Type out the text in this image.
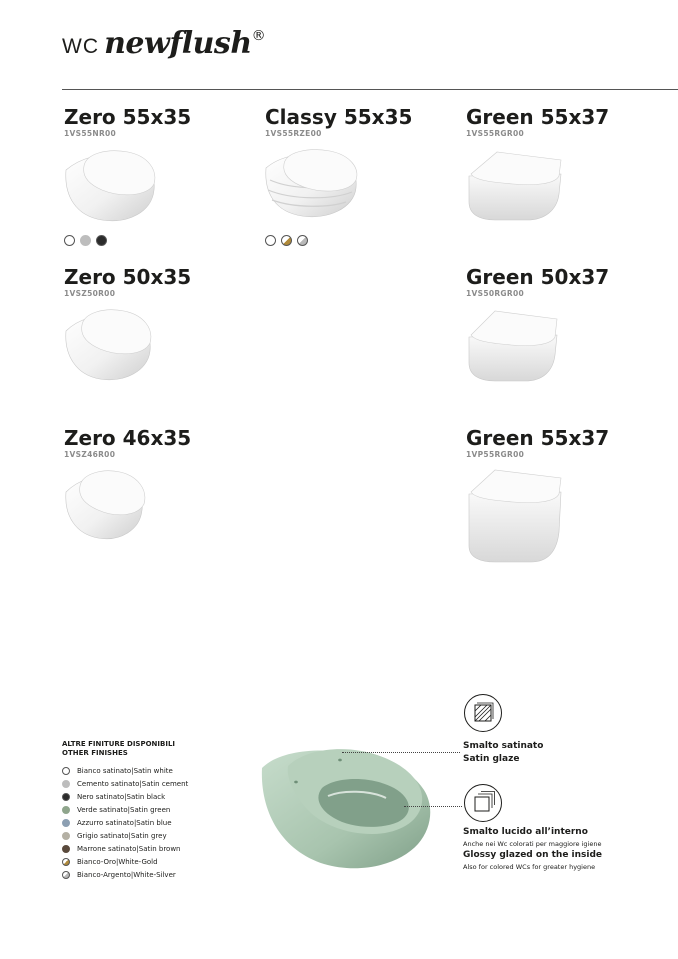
WC newflush®
Zero 55x35
1VS55NR00
Classy 55x35
1VS55RZE00
Green 55x37
1VS55RGR00
Zero 50x35
1VSZ50R00
Green 50x37
1VS50RGR00
Zero 46x35
1VSZ46R00
Green 55x37
1VP55RGR00
ALTRE FINITURE DISPONIBILI
OTHER FINISHES
Bianco satinato|Satin white
Cemento satinato|Satin cement
Nero satinato|Satin black
Verde satinato|Satin green
Azzurro satinato|Satin blue
Grigio satinato|Satin grey
Marrone satinato|Satin brown
Bianco-Oro|White-Gold
Bianco-Argento|White-Silver
Smalto satinato
Satin glaze
Smalto lucido all’interno
Anche nei Wc colorati per maggiore igiene
Glossy glazed on the inside
Also for colored WCs for greater hygiene
